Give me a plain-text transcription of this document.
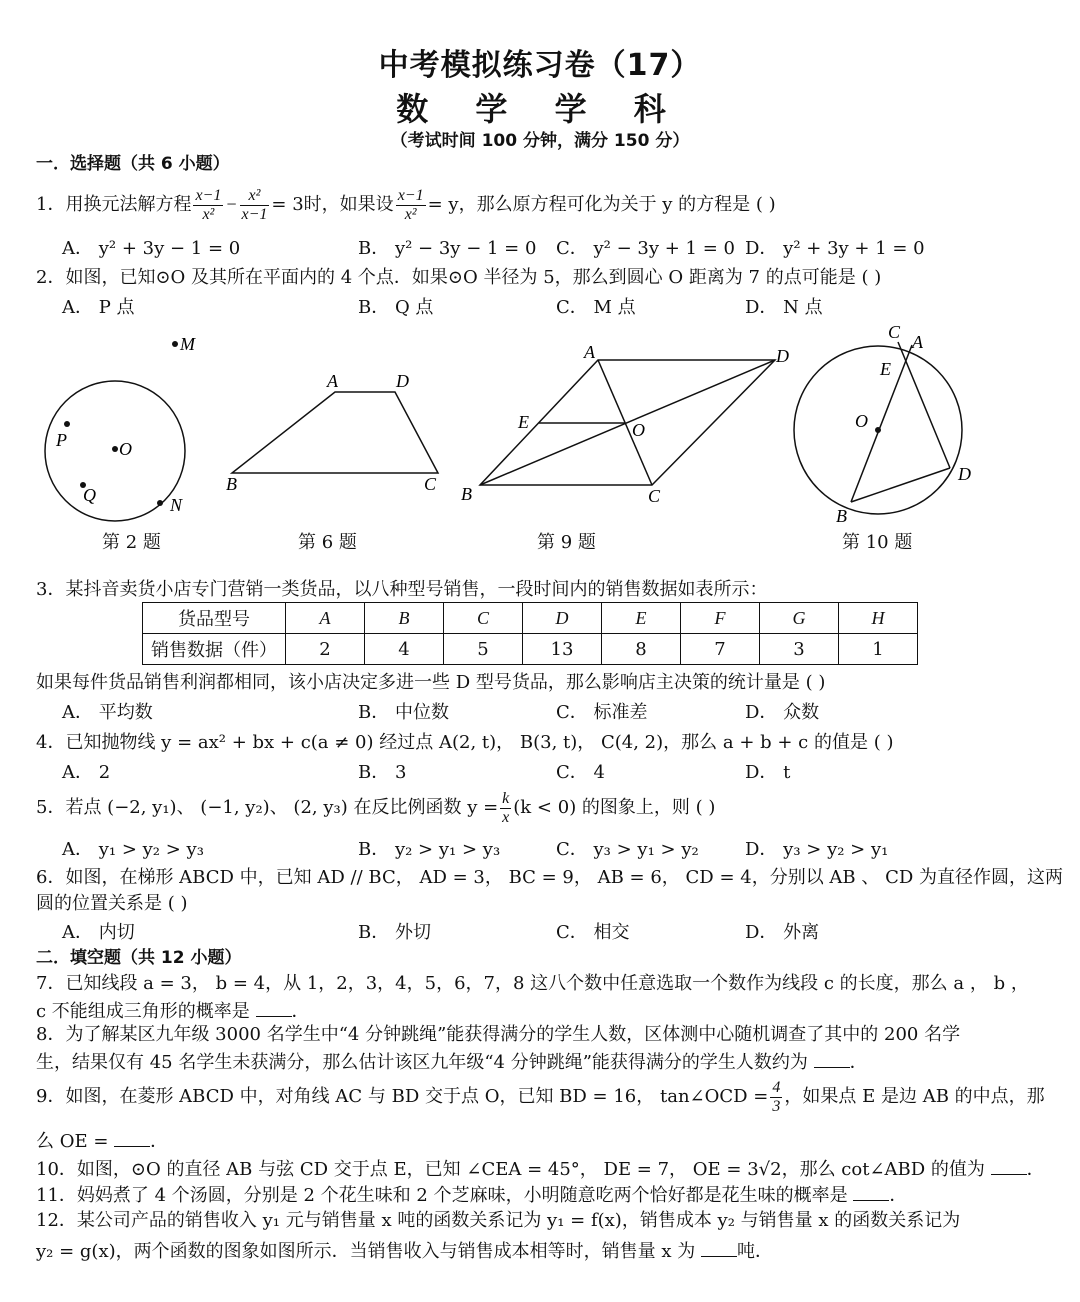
中考模拟练习卷（17）
数 学 学 科
（考试时间 100 分钟，满分 150 分）
一．选择题（共 6 小题）
1．用换元法解方程 $\frac{x-1}{\text{x²}} - \frac{\text{x²}}{x-1} = 3$时，如果设 $\frac{x-1}{\text{x²}} = y$，那么原方程可化为关于 y 的方程是 ( )
A． y² + 3y − 1 = 0	B． y² − 3y − 1 = 0 C． y² − 3y + 1 = 0 D． y² + 3y + 1 = 0
2．如图，已知⊙O 及其所在平面内的 4 个点．如果⊙O 半径为 5，那么到圆心 O 距离为 7 的点可能是 ( )
A． P 点	B． Q 点	C． M 点	D． N 点
M
P	O
Q	N
A	D
B	C
A	D
E	O
B	C
C A
E
O
D
B
第 2 题	第 6 题	第 9 题	第 10 题
3．某抖音卖货小店专门营销一类货品，以八种型号销售，一段时间内的销售数据如表所示：
货品型号	A	B	C	D	E	F	G	H
销售数据（件）	2	4	5	13	8	7	3	1
如果每件货品销售利润都相同，该小店决定多进一些 D 型号货品，那么影响店主决策的统计量是 ( )
A． 平均数	B． 中位数	C． 标准差	D． 众数
4．已知抛物线 y = ax² + bx + c(a ≠ 0) 经过点 A(2, t)， B(3, t)， C(4, 2)，那么 a + b + c 的值是 ( )
A． 2	B． 3	C． 4	D． t
5．若点 (−2, y₁)、 (−1, y₂)、 (2, y₃) 在反比例函数 $y = \frac{k}{x} (k < 0)$ 的图象上，则 ( )
A． y₁ > y₂ > y₃	B． y₂ > y₁ > y₃	C． y₃ > y₁ > y₂	D． y₃ > y₂ > y₁
6．如图，在梯形 ABCD 中，已知 AD // BC， AD = 3， BC = 9， AB = 6， CD = 4，分别以 AB 、 CD 为直径作圆，这两
圆的位置关系是 ( )
A． 内切	B． 外切	C． 相交	D． 外离
二．填空题（共 12 小题）
7．已知线段 a = 3， b = 4，从 1，2，3，4，5，6，7，8 这八个数中任意选取一个数作为线段 c 的长度，那么 a ， b ，
c 不能组成三角形的概率是 ．
8．为了解某区九年级 3000 名学生中“4 分钟跳绳”能获得满分的学生人数，区体测中心随机调查了其中的 200 名学
生，结果仅有 45 名学生未获满分，那么估计该区九年级“4 分钟跳绳”能获得满分的学生人数约为 ．
9．如图，在菱形 ABCD 中，对角线 AC 与 BD 交于点 O，已知 BD = 16， tan∠OCD = $\frac{4}{3}$ ，如果点 E 是边 AB 的中点，那
么 OE = ．
10．如图，⊙O 的直径 AB 与弦 CD 交于点 E，已知 ∠CEA = 45°， DE = 7， OE = 3√2，那么 cot∠ABD 的值为 ．
11．妈妈煮了 4 个汤圆，分别是 2 个花生味和 2 个芝麻味，小明随意吃两个恰好都是花生味的概率是 ．
12．某公司产品的销售收入 y₁ 元与销售量 x 吨的函数关系记为 y₁ = f(x)，销售成本 y₂ 与销售量 x 的函数关系记为
y₂ = g(x)，两个函数的图象如图所示．当销售收入与销售成本相等时，销售量 x 为 吨．
